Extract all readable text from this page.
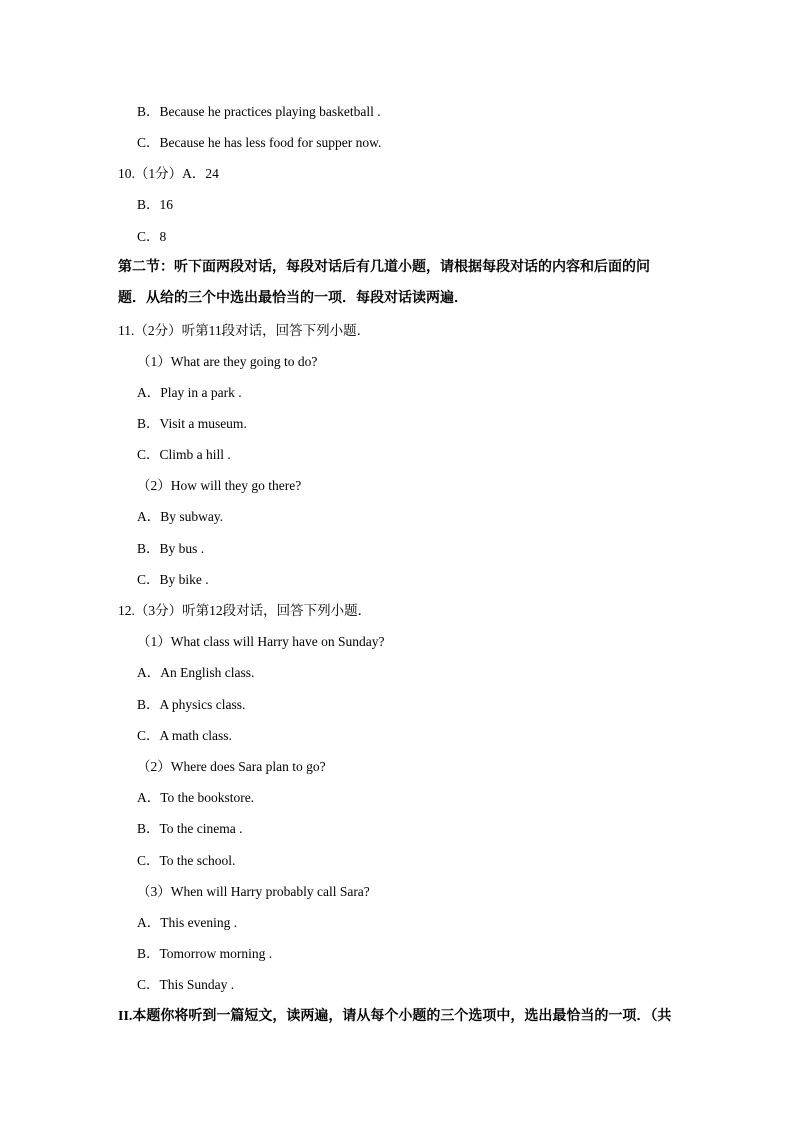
B．Because he practices playing basketball .
C．Because he has less food for supper now.
10.（1分）A．24
B．16
C．8
第二节：听下面两段对话，每段对话后有几道小题，请根据每段对话的内容和后面的问
题．从给的三个中选出最恰当的一项．每段对话读两遍．
11.（2分）听第11段对话，回答下列小题．
（1）What are they going to do?
A．Play in a park .
B．Visit a museum.
C．Climb a hill .
（2）How will they go there?
A．By subway.
B．By bus .
C．By bike .
12.（3分）听第12段对话，回答下列小题．
（1）What class will Harry have on Sunday?
A．An English class.
B．A physics class.
C．A math class.
（2）Where does Sara plan to go?
A．To the bookstore.
B．To the cinema .
C．To the school.
（3）When will Harry probably call Sara?
A．This evening .
B．Tomorrow morning .
C．This Sunday .
II.本题你将听到一篇短文，读两遍，请从每个小题的三个选项中，选出最恰当的一项．（共
